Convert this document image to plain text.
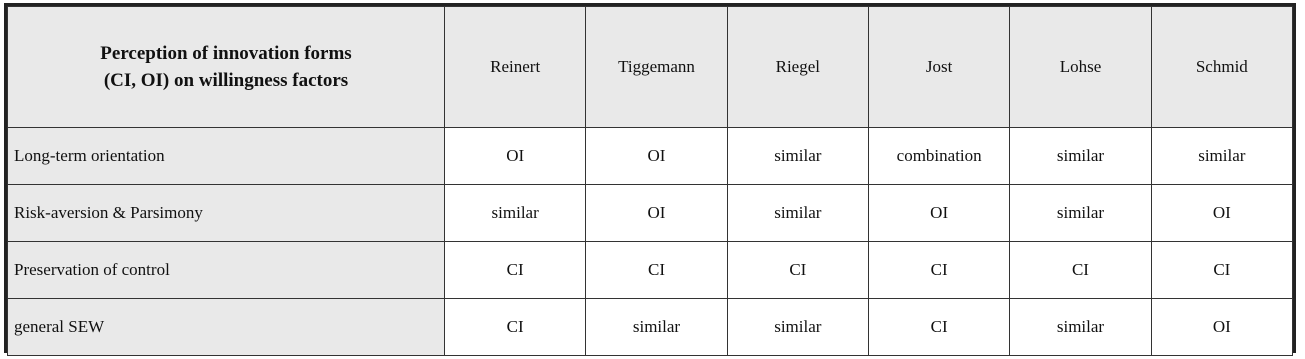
Perception of innovation forms
(CI, OI) on willingness factors	Reinert	Tiggemann	Riegel	Jost	Lohse	Schmid
Long-term orientation	OI	OI	similar	combination	similar	similar
Risk-aversion & Parsimony	similar	OI	similar	OI	similar	OI
Preservation of control	CI	CI	CI	CI	CI	CI
general SEW	CI	similar	similar	CI	similar	OI
